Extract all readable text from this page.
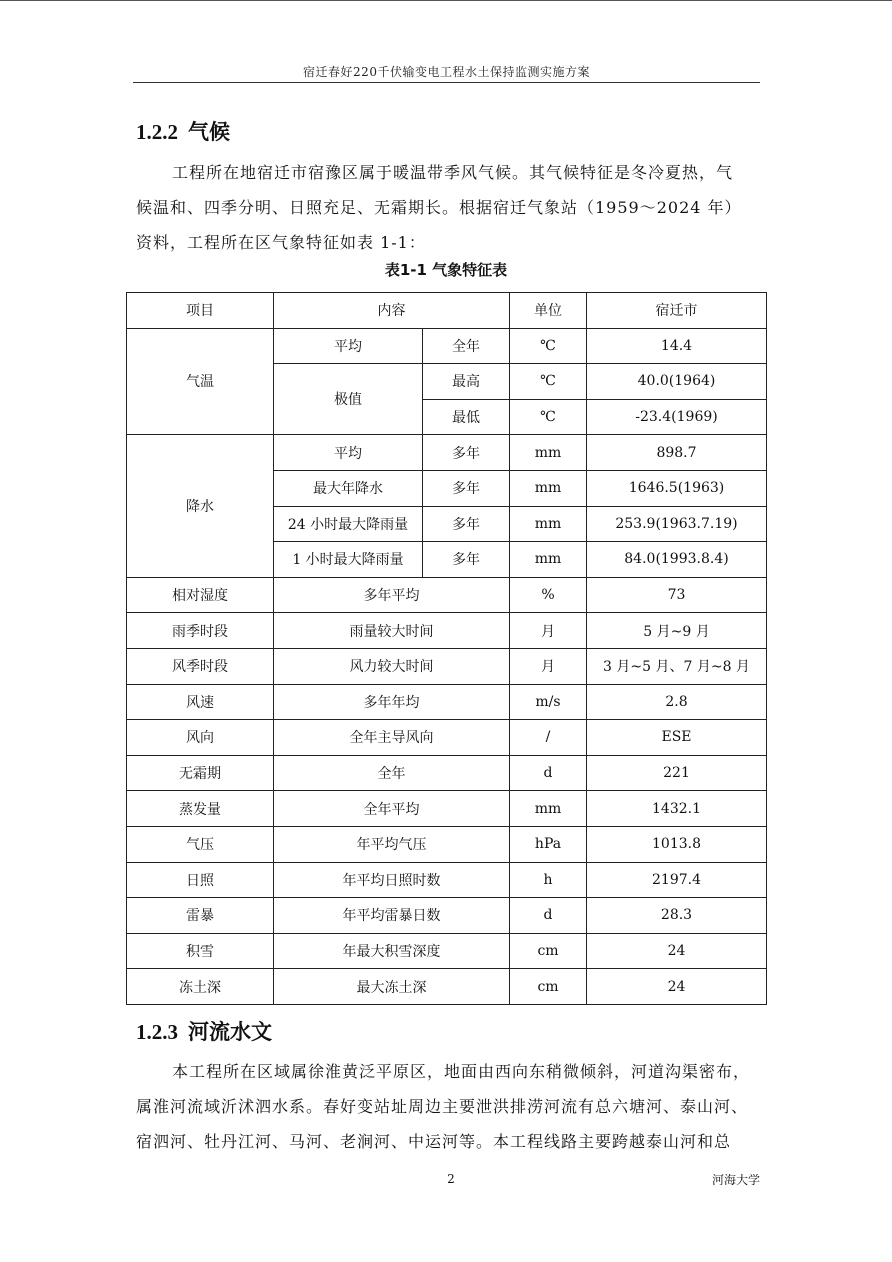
宿迁春好220千伏输变电工程水土保持监测实施方案
1.2.2 气候
工程所在地宿迁市宿豫区属于暖温带季风气候。其气候特征是冬冷夏热，气
候温和、四季分明、日照充足、无霜期长。根据宿迁气象站（1959～2024 年）
资料，工程所在区气象特征如表 1-1：
表1-1 气象特征表
项目	内容		单位	宿迁市
气温	平均	全年	℃	14.4
	极值	最高	℃	40.0(1964)
		最低	℃	-23.4(1969)
降水	平均	多年	mm	898.7
	最大年降水	多年	mm	1646.5(1963)
	24 小时最大降雨量	多年	mm	253.9(1963.7.19)
	1 小时最大降雨量	多年	mm	84.0(1993.8.4)
相对湿度	多年平均		%	73
雨季时段	雨量较大时间		月	5 月~9 月
风季时段	风力较大时间		月	3 月~5 月、7 月~8 月
风速	多年年均		m/s	2.8
风向	全年主导风向		/	ESE
无霜期	全年		d	221
蒸发量	全年平均		mm	1432.1
气压	年平均气压		hPa	1013.8
日照	年平均日照时数		h	2197.4
雷暴	年平均雷暴日数		d	28.3
积雪	年最大积雪深度		cm	24
冻土深	最大冻土深		cm	24
1.2.3 河流水文
本工程所在区域属徐淮黄泛平原区，地面由西向东稍微倾斜，河道沟渠密布，
属淮河流域沂沭泗水系。春好变站址周边主要泄洪排涝河流有总六塘河、泰山河、
宿泗河、牡丹江河、马河、老涧河、中运河等。本工程线路主要跨越泰山河和总
2	河海大学
